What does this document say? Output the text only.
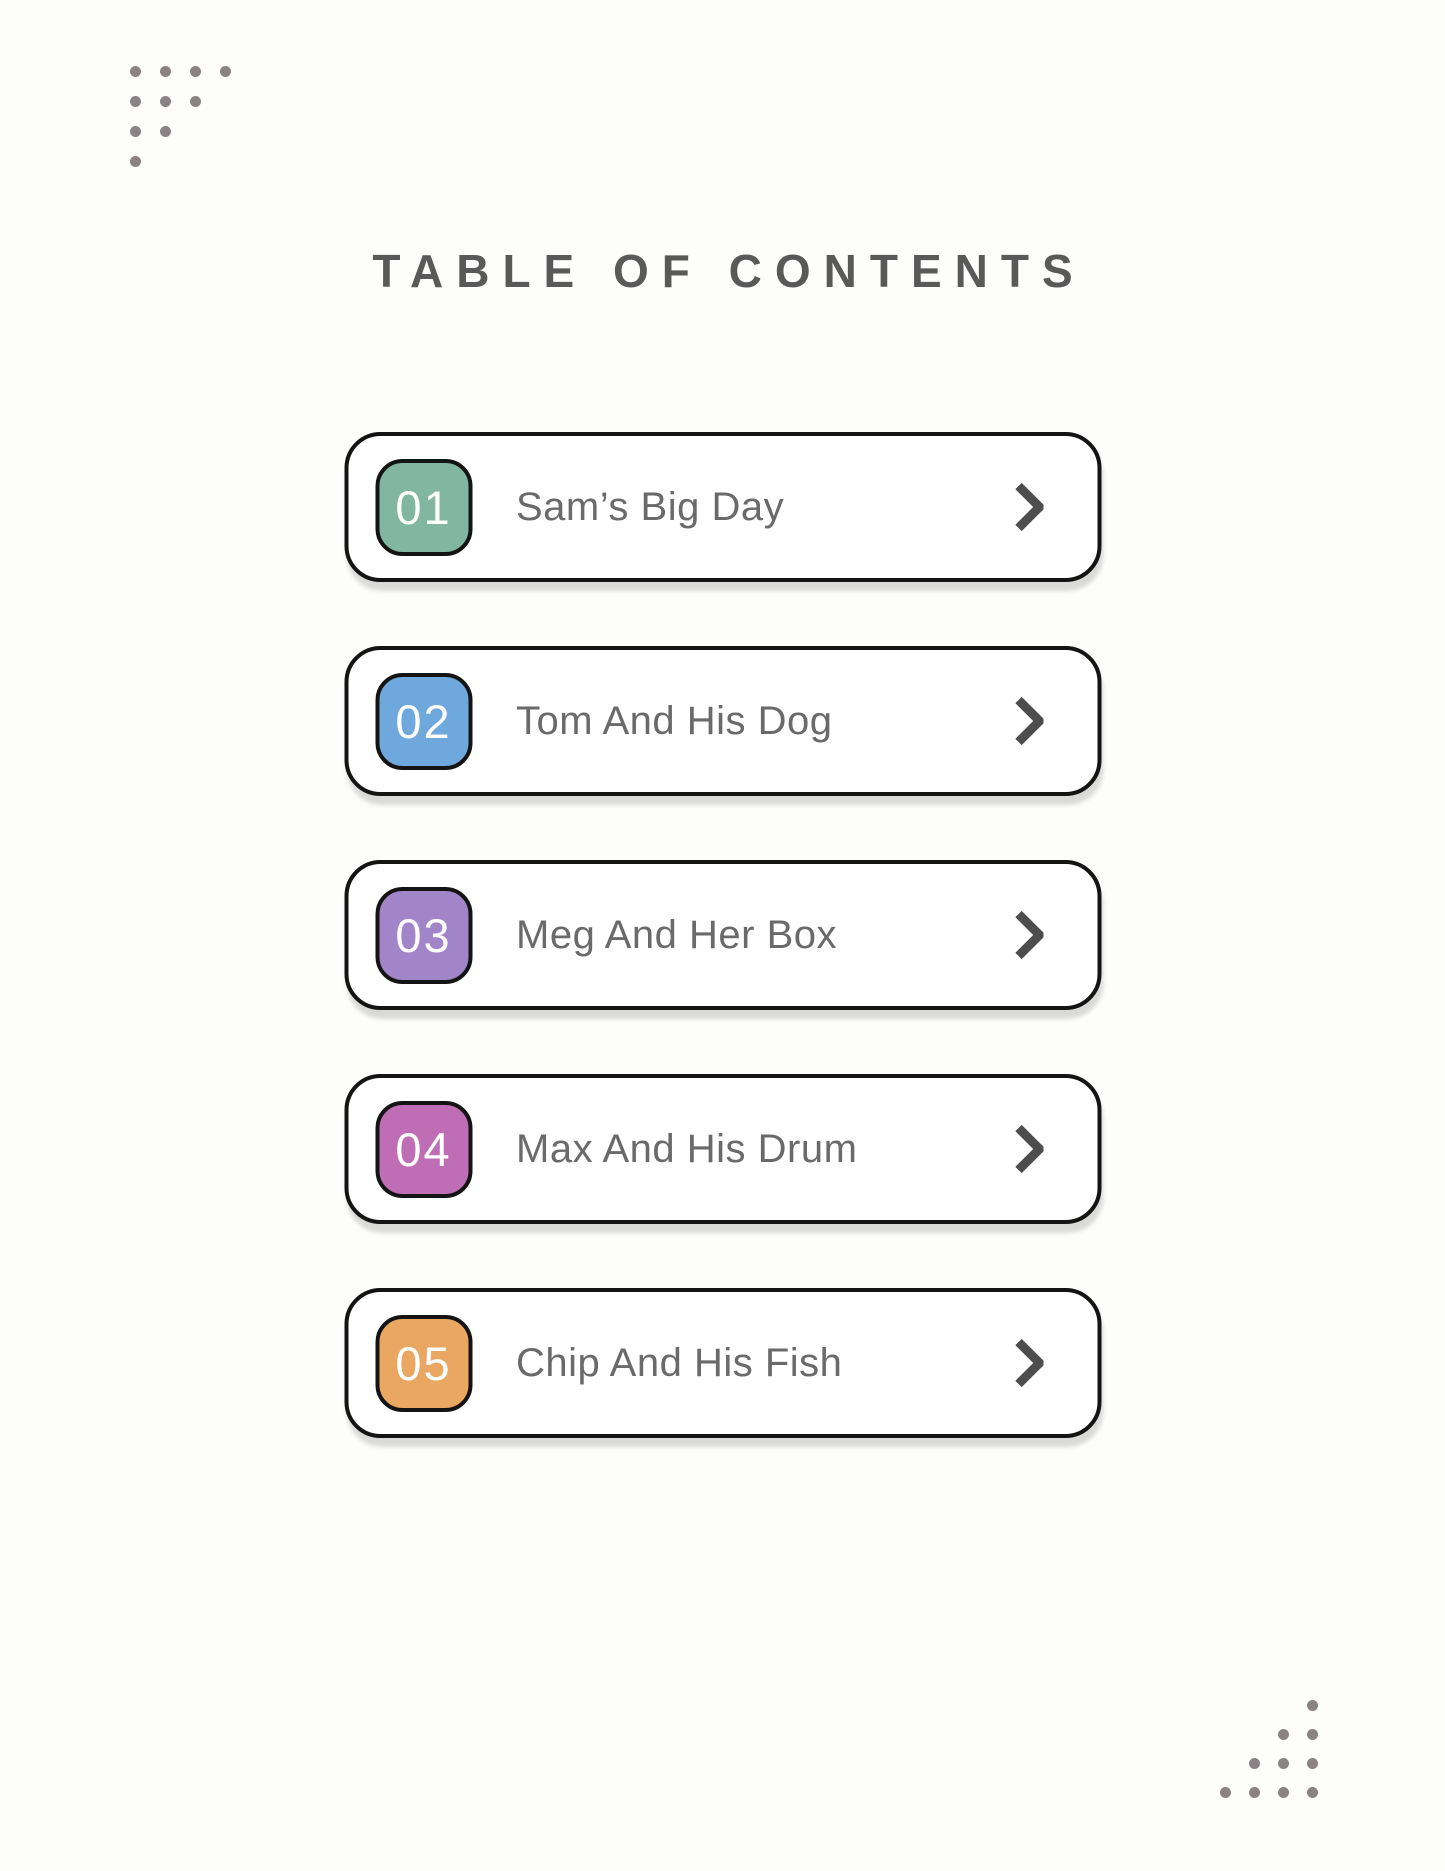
TABLE OF CONTENTS
01	Sam’s Big Day
02	Tom And His Dog
03	Meg And Her Box
04	Max And His Drum
05	Chip And His Fish
